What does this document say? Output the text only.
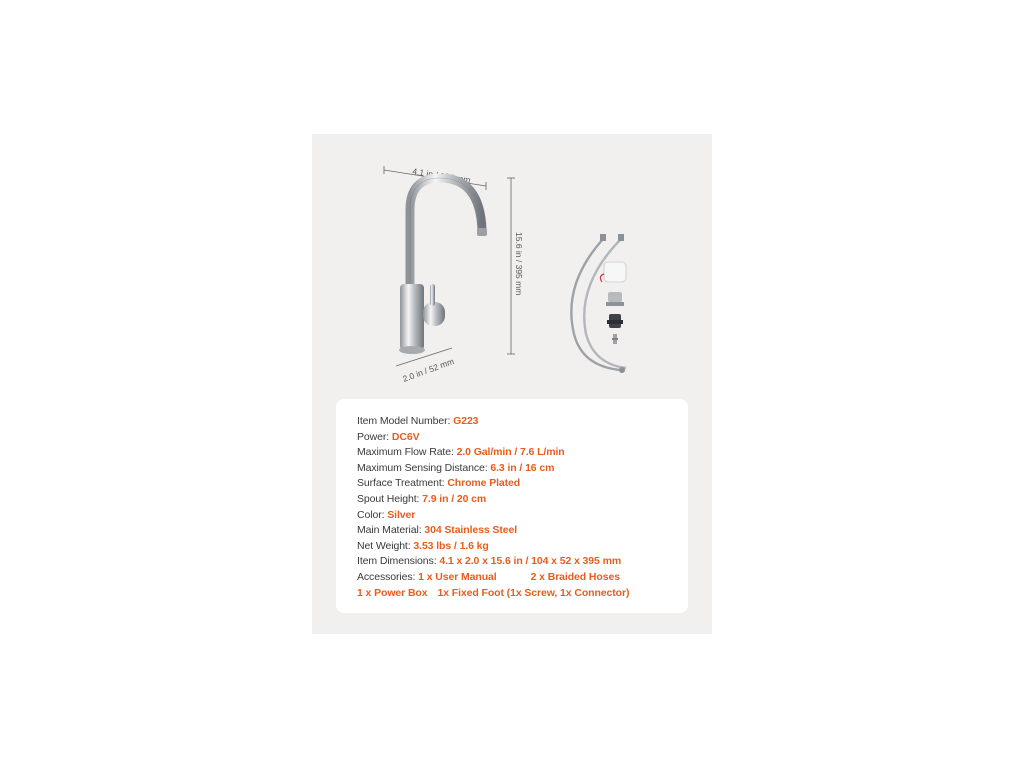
4.1 in / 104 mm
15.6 in / 395 mm
2.0 in / 52 mm
Item Model Number: G223
Power: DC6V
Maximum Flow Rate: 2.0 Gal/min / 7.6 L/min
Maximum Sensing Distance: 6.3 in / 16 cm
Surface Treatment: Chrome Plated
Spout Height: 7.9 in / 20 cm
Color: Silver
Main Material: 304 Stainless Steel
Net Weight: 3.53 lbs / 1.6 kg
Item Dimensions: 4.1 x 2.0 x 15.6 in / 104 x 52 x 395 mm
Accessories: 1 x User Manual	2 x Braided Hoses
1 x Power Box 1x Fixed Foot (1x Screw, 1x Connector)
